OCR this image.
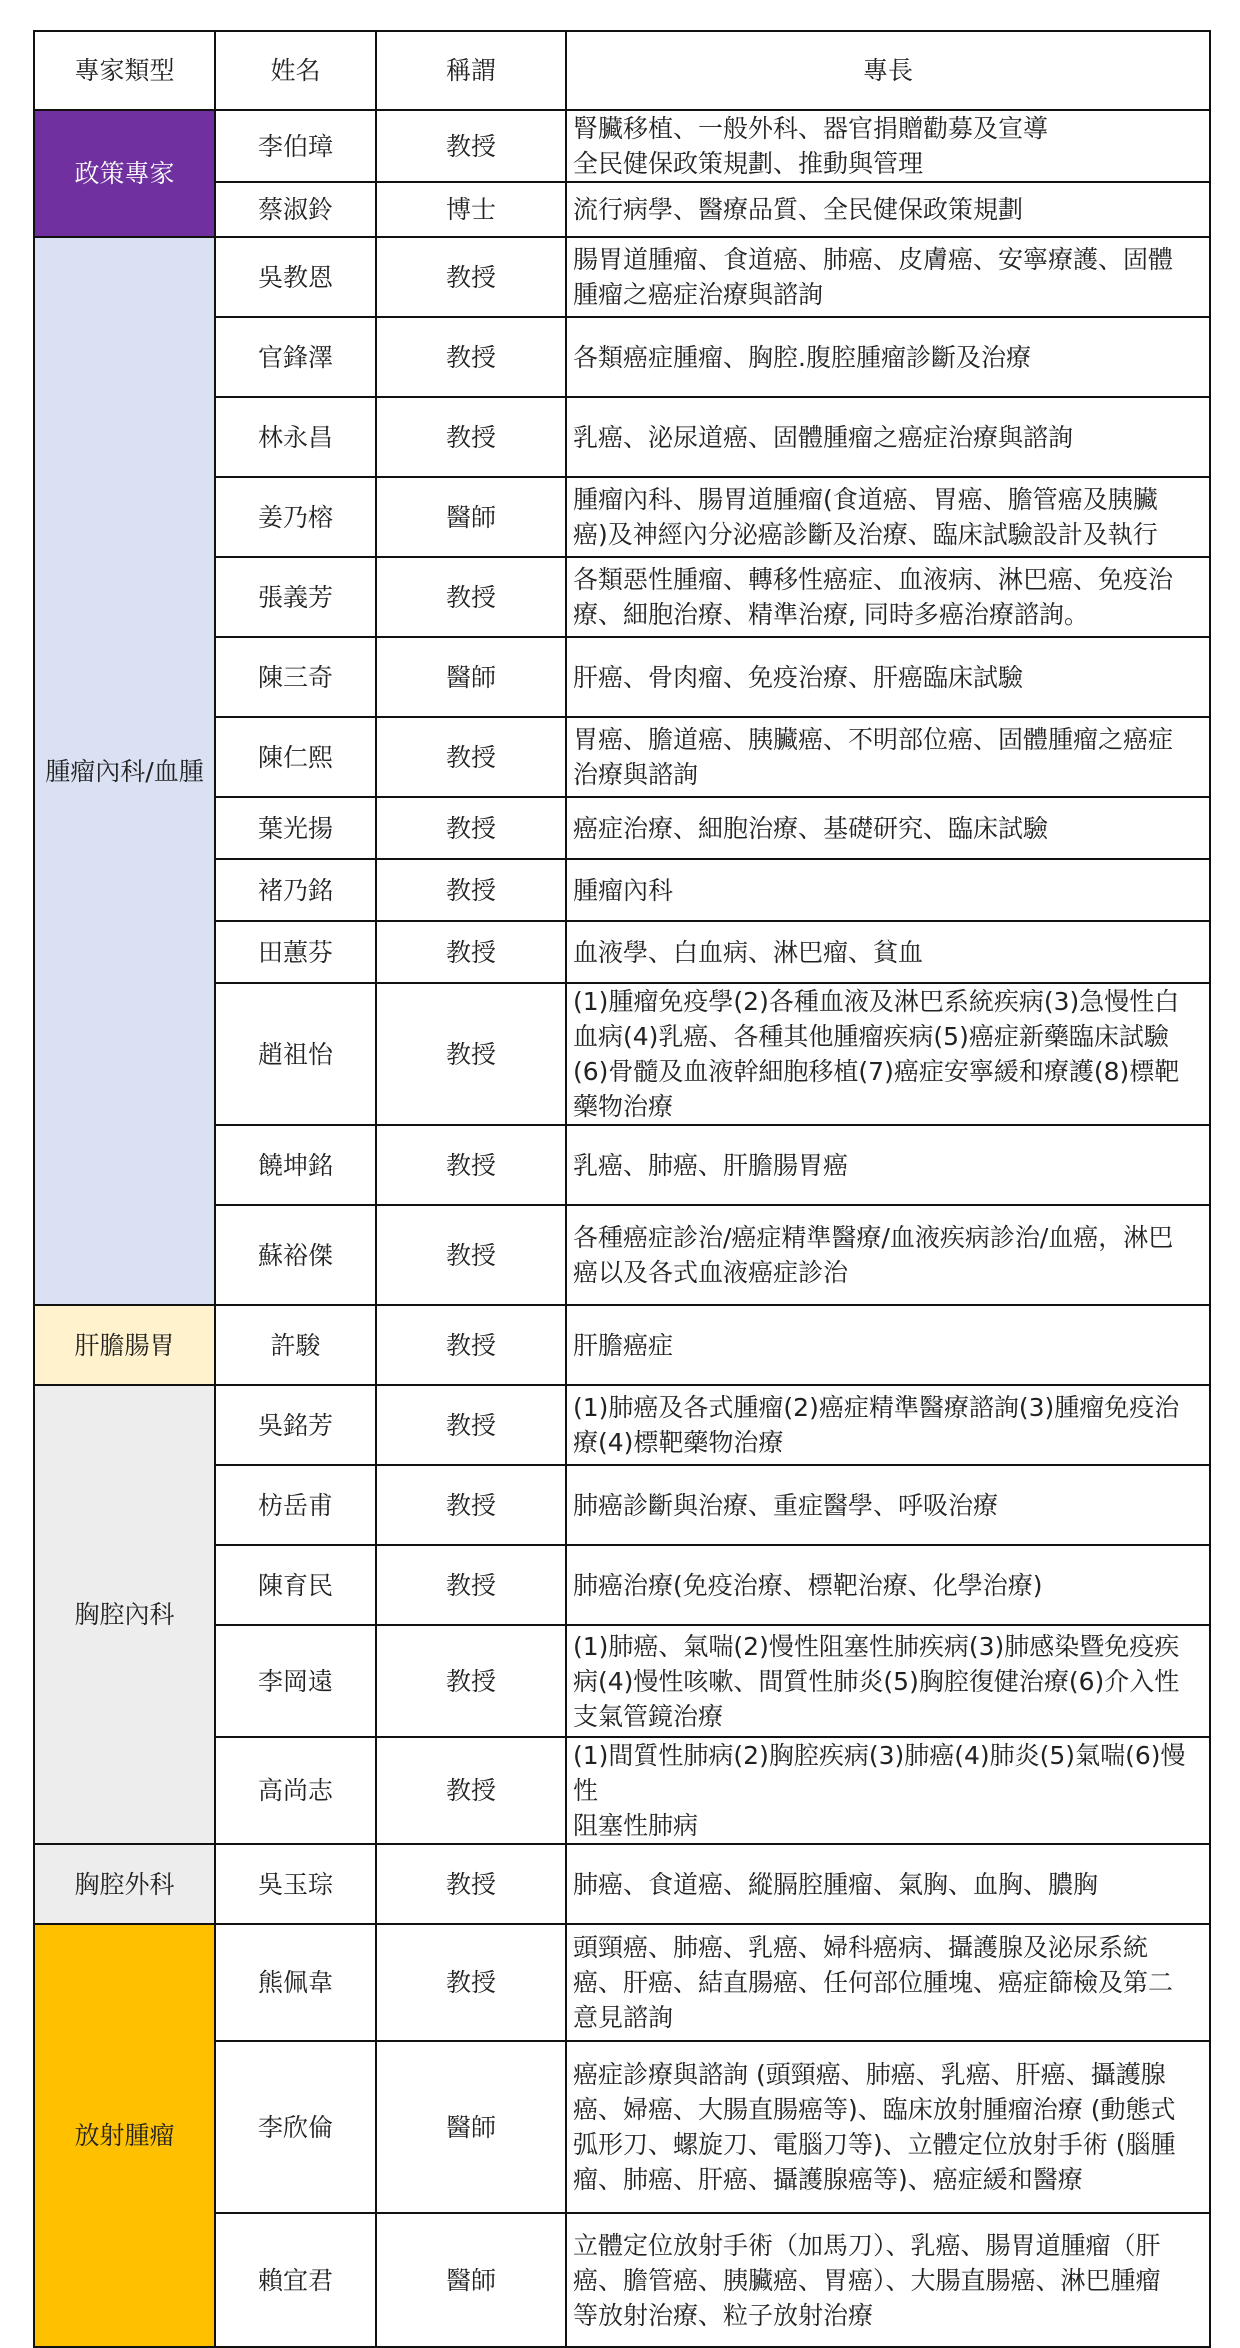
專家類型	姓名	稱謂	專長

政策專家	李伯璋	教授	腎臟移植、一般外科、器官捐贈勸募及宣導
全民健保政策規劃、推動與管理
	蔡淑鈴	博士	流行病學、醫療品質、全民健保政策規劃

腫瘤內科/血腫	吳教恩	教授	腸胃道腫瘤、食道癌、肺癌、皮膚癌、安寧療護、固體
腫瘤之癌症治療與諮詢
	官鋒澤	教授	各類癌症腫瘤、胸腔.腹腔腫瘤診斷及治療
	林永昌	教授	乳癌、泌尿道癌、固體腫瘤之癌症治療與諮詢
	姜乃榕	醫師	腫瘤內科、腸胃道腫瘤(食道癌、胃癌、膽管癌及胰臟
癌)及神經內分泌癌診斷及治療、臨床試驗設計及執行
	張義芳	教授	各類惡性腫瘤、轉移性癌症、血液病、淋巴癌、免疫治
療、細胞治療、精準治療, 同時多癌治療諮詢。
	陳三奇	醫師	肝癌、骨肉瘤、免疫治療、肝癌臨床試驗
	陳仁熙	教授	胃癌、膽道癌、胰臟癌、不明部位癌、固體腫瘤之癌症
治療與諮詢
	葉光揚	教授	癌症治療、細胞治療、基礎研究、臨床試驗
	褚乃銘	教授	腫瘤內科
	田蕙芬	教授	血液學、白血病、淋巴瘤、貧血
	趙祖怡	教授	(1)腫瘤免疫學(2)各種血液及淋巴系統疾病(3)急慢性白
血病(4)乳癌、各種其他腫瘤疾病(5)癌症新藥臨床試驗
(6)骨髓及血液幹細胞移植(7)癌症安寧緩和療護(8)標靶
藥物治療
	饒坤銘	教授	乳癌、肺癌、肝膽腸胃癌
	蘇裕傑	教授	各種癌症診治/癌症精準醫療/血液疾病診治/血癌，淋巴
癌以及各式血液癌症診治

肝膽腸胃	許駿	教授	肝膽癌症

胸腔內科	吳銘芳	教授	(1)肺癌及各式腫瘤(2)癌症精準醫療諮詢(3)腫瘤免疫治
療(4)標靶藥物治療
	枋岳甫	教授	肺癌診斷與治療、重症醫學、呼吸治療
	陳育民	教授	肺癌治療(免疫治療、標靶治療、化學治療)
	李岡遠	教授	(1)肺癌、氣喘(2)慢性阻塞性肺疾病(3)肺感染暨免疫疾
病(4)慢性咳嗽、間質性肺炎(5)胸腔復健治療(6)介入性
支氣管鏡治療
	高尚志	教授	(1)間質性肺病(2)胸腔疾病(3)肺癌(4)肺炎(5)氣喘(6)慢性
阻塞性肺病

胸腔外科	吳玉琮	教授	肺癌、食道癌、縱膈腔腫瘤、氣胸、血胸、膿胸

放射腫瘤	熊佩韋	教授	頭頸癌、肺癌、乳癌、婦科癌病、攝護腺及泌尿系統
癌、肝癌、結直腸癌、任何部位腫塊、癌症篩檢及第二
意見諮詢
	李欣倫	醫師	癌症診療與諮詢 (頭頸癌、肺癌、乳癌、肝癌、攝護腺
癌、婦癌、大腸直腸癌等)、臨床放射腫瘤治療 (動態式
弧形刀、螺旋刀、電腦刀等)、立體定位放射手術 (腦腫
瘤、肺癌、肝癌、攝護腺癌等)、癌症緩和醫療
	賴宜君	醫師	立體定位放射手術（加馬刀）、乳癌、腸胃道腫瘤（肝
癌、膽管癌、胰臟癌、胃癌）、大腸直腸癌、淋巴腫瘤
等放射治療、粒子放射治療
